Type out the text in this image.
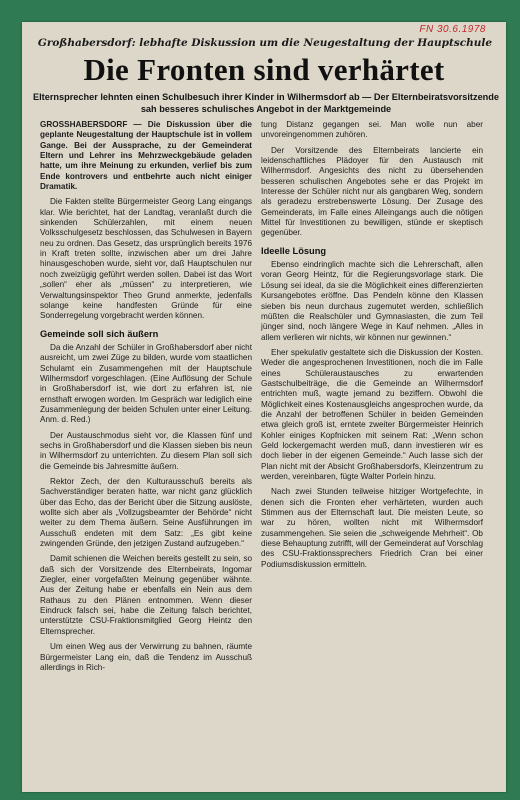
FN 30.6.1978
Großhabersdorf: lebhafte Diskussion um die Neugestaltung der Hauptschule
Die Fronten sind verhärtet
Elternsprecher lehnten einen Schulbesuch ihrer Kinder in Wilhermsdorf ab — Der Elternbeiratsvorsitzende sah besseres schulisches Angebot in der Marktgemeinde

GROSSHABERSDORF — Die Diskussion über die geplante Neugestaltung der Hauptschule ist in vollem Gange. Bei der Aussprache, zu der Gemeinderat Eltern und Lehrer ins Mehrzweckgebäude geladen hatte, um ihre Meinung zu erkunden, verlief bis zum Ende kontrovers und entbehrte auch nicht einiger Dramatik.

Die Fakten stellte Bürgermeister Georg Lang eingangs klar. Wie berichtet, hat der Landtag, veranlaßt durch die sinkenden Schülerzahlen, mit einem neuen Volksschulgesetz beschlossen, das Schulwesen in Bayern neu zu ordnen. Das Gesetz, das ursprünglich bereits 1976 in Kraft treten sollte, inzwischen aber um drei Jahre hinausgeschoben wurde, sieht vor, daß Hauptschulen nur noch zweizügig geführt werden sollen. Dabei ist das Wort „sollen“ eher als „müssen“ zu interpretieren, wie Verwaltungsinspektor Theo Grund anmerkte, jedenfalls solange keine handfesten Gründe für eine Sonderregelung vorgebracht werden können.

Gemeinde soll sich äußern

Da die Anzahl der Schüler in Großhabersdorf aber nicht ausreicht, um zwei Züge zu bilden, wurde vom staatlichen Schulamt ein Zusammengehen mit der Hauptschule Wilhermsdorf vorgeschlagen. (Eine Auflösung der Schule in Großhabersdorf ist, wie dort zu erfahren ist, nie ernsthaft erwogen worden. Im Gespräch war lediglich eine Zusammenlegung der beiden Schulen unter einer Leitung. Anm. d. Red.)

Der Austauschmodus sieht vor, die Klassen fünf und sechs in Großhabersdorf und die Klassen sieben bis neun in Wilhermsdorf zu unterrichten. Zu diesem Plan soll sich die Gemeinde bis Jahresmitte äußern.

Rektor Zech, der den Kulturausschuß bereits als Sachverständiger beraten hatte, war nicht ganz glücklich über das Echo, das der Bericht über die Sitzung auslöste, wollte sich aber als „Vollzugsbeamter der Behörde“ nicht weiter zu dem Thema äußern. Seine Ausführungen im Ausschuß endeten mit dem Satz: „Es gibt keine zwingenden Gründe, den jetzigen Zustand aufzugeben.“

Damit schienen die Weichen bereits gestellt zu sein, so daß sich der Vorsitzende des Elternbeirats, Ingomar Ziegler, einer vorgefaßten Meinung gegenüber wähnte. Aus der Zeitung habe er ebenfalls ein Nein aus dem Rathaus zu den Plänen entnommen. Wenn dieser Eindruck falsch sei, habe die Zeitung falsch berichtet, unterstützte CSU-Fraktionsmitglied Georg Heintz den Elternsprecher.

Um einen Weg aus der Verwirrung zu bahnen, räumte Bürgermeister Lang ein, daß die Tendenz im Ausschuß allerdings in Rich-

tung Distanz gegangen sei. Man wolle nun aber unvoreingenommen zuhören.

Der Vorsitzende des Elternbeirats lancierte ein leidenschaftliches Plädoyer für den Austausch mit Wilhermsdorf. Angesichts des nicht zu übersehenden besseren schulischen Angebotes sehe er das Projekt im Interesse der Schüler nicht nur als gangbaren Weg, sondern als geradezu erstrebenswerte Lösung. Der Zusage des Gemeinderats, im Falle eines Alleingangs auch die nötigen Mittel für Investitionen zu bewilligen, stünde er skeptisch gegenüber.

Ideelle Lösung

Ebenso eindringlich machte sich die Lehrerschaft, allen voran Georg Heintz, für die Regierungsvorlage stark. Die Lösung sei ideal, da sie die Möglichkeit eines differenzierten Kursangebotes eröffne. Das Pendeln könne den Klassen sieben bis neun durchaus zugemutet werden, schließlich müßten die Realschüler und Gymnasiasten, die zum Teil jünger sind, noch längere Wege in Kauf nehmen. „Alles in allem verlieren wir nichts, wir können nur gewinnen.“

Eher spekulativ gestaltete sich die Diskussion der Kosten. Weder die angesprochenen Investitionen, noch die im Falle eines Schüleraustausches zu erwartenden Gastschulbeiträge, die die Gemeinde an Wilhermsdorf entrichten muß, wagte jemand zu beziffern. Obwohl die Möglichkeit eines Kostenausgleichs angesprochen wurde, da die Anzahl der betroffenen Schüler in beiden Gemeinden etwa gleich groß ist, erntete zweiter Bürgermeister Heinrich Kohler einiges Kopfnicken mit seinem Rat: „Wenn schon Geld lockergemacht werden muß, dann investieren wir es doch lieber in der eigenen Gemeinde.“ Auch lasse sich der Plan nicht mit der Absicht Großhabersdorfs, Kleinzentrum zu werden, vereinbaren, fügte Walter Porlein hinzu.

Nach zwei Stunden teilweise hitziger Wortgefechte, in denen sich die Fronten eher verhärteten, wurden auch Stimmen aus der Elternschaft laut. Die meisten Leute, so war zu hören, wollten nicht mit Wilhermsdorf zusammengehen. Sie seien die „schweigende Mehrheit“. Ob diese Behauptung zutrifft, will der Gemeinderat auf Vorschlag des CSU-Fraktionssprechers Friedrich Cran bei einer Podiumsdiskussion ermitteln.
